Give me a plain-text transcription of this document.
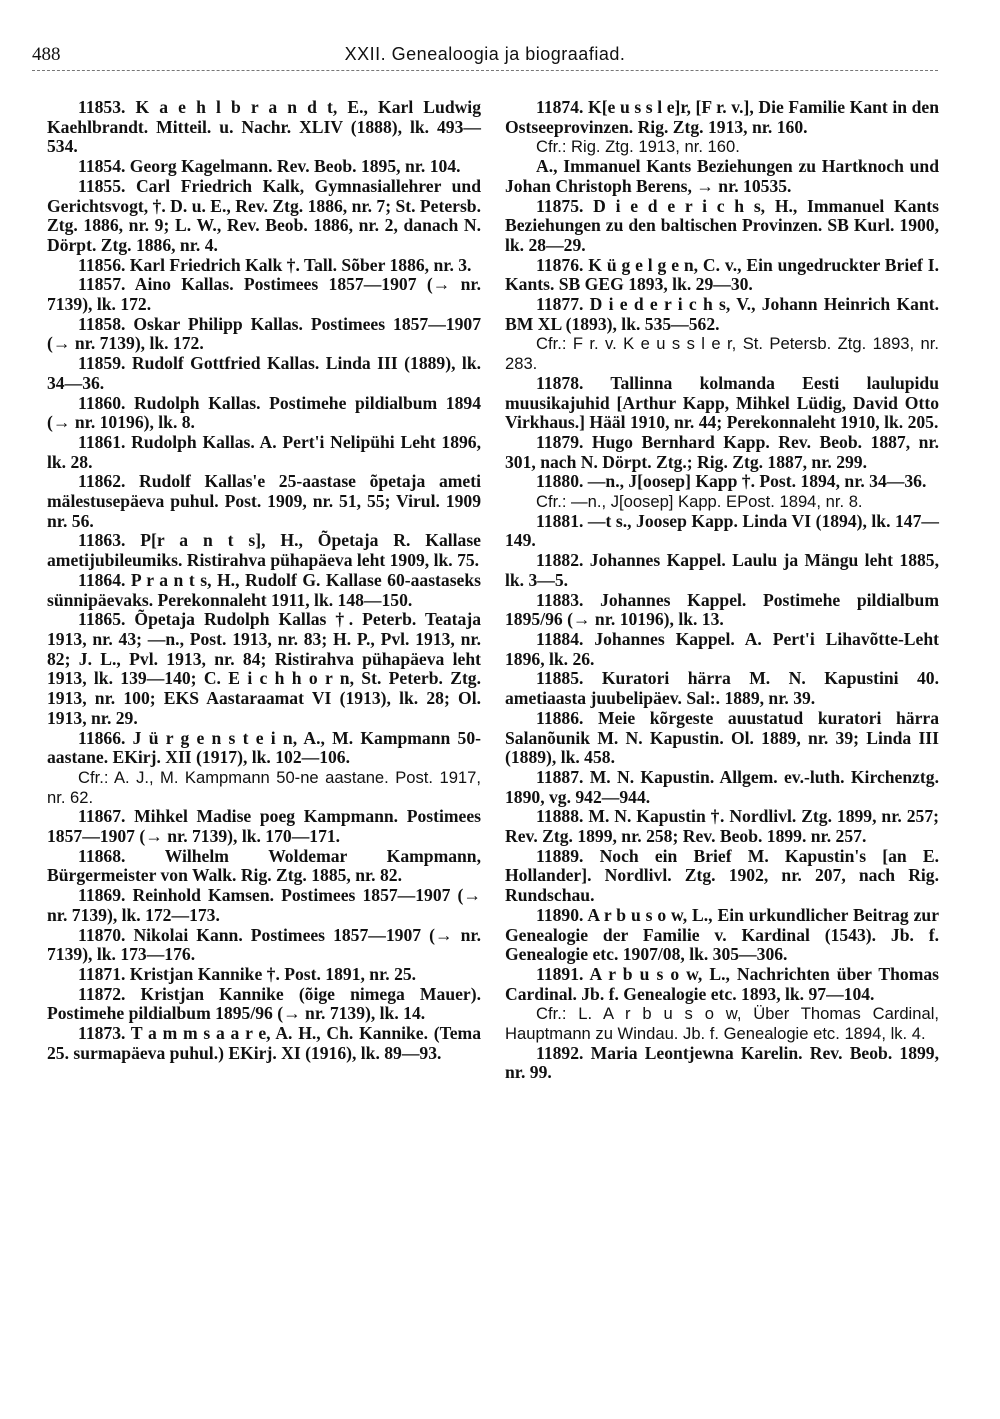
488	XXII. Genealoogia ja biograafiad.

11853. K a e h l b r a n d t, E., Karl Ludwig Kaehlbrandt. Mitteil. u. Nachr. XLIV (1888), lk. 493—534.

11854. Georg Kagelmann. Rev. Beob. 1895, nr. 104.

11855. Carl Friedrich Kalk, Gymnasiallehrer und Gerichtsvogt, †. D. u. E., Rev. Ztg. 1886, nr. 7; St. Petersb. Ztg. 1886, nr. 9; L. W., Rev. Beob. 1886, nr. 2, danach N. Dörpt. Ztg. 1886, nr. 4.

11856. Karl Friedrich Kalk †. Tall. Sõber 1886, nr. 3.

11857. Aino Kallas. Postimees 1857—1907 (→ nr. 7139), lk. 172.

11858. Oskar Philipp Kallas. Postimees 1857—1907 (→ nr. 7139), lk. 172.

11859. Rudolf Gottfried Kallas. Linda III (1889), lk. 34—36.

11860. Rudolph Kallas. Postimehe pildialbum 1894 (→ nr. 10196), lk. 8.

11861. Rudolph Kallas. A. Pert'i Nelipühi Leht 1896, lk. 28.

11862. Rudolf Kallas'e 25-aastase õpetaja ameti mälestusepäeva puhul. Post. 1909, nr. 51, 55; Virul. 1909 nr. 56.

11863. P[r a n t s], H., Õpetaja R. Kallase ametijubileumiks. Ristirahva pühapäeva leht 1909, lk. 75.

11864. P r a n t s, H., Rudolf G. Kallase 60-aastaseks sünnipäevaks. Perekonnaleht 1911, lk. 148—150.

11865. Õpetaja Rudolph Kallas †. Peterb. Teataja 1913, nr. 43; —n., Post. 1913, nr. 83; H. P., Pvl. 1913, nr. 82; J. L., Pvl. 1913, nr. 84; Ristirahva pühapäeva leht 1913, lk. 139—140; C. E i c h h o r n, St. Peterb. Ztg. 1913, nr. 100; EKS Aastaraamat VI (1913), lk. 28; Ol. 1913, nr. 29.

11866. J ü r g e n s t e i n, A., M. Kampmann 50-aastane. EKirj. XII (1917), lk. 102—106.

Cfr.: A. J., M. Kampmann 50-ne aastane. Post. 1917, nr. 62.

11867. Mihkel Madise poeg Kampmann. Postimees 1857—1907 (→ nr. 7139), lk. 170—171.

11868. Wilhelm Woldemar Kampmann, Bürgermeister von Walk. Rig. Ztg. 1885, nr. 82.

11869. Reinhold Kamsen. Postimees 1857—1907 (→ nr. 7139), lk. 172—173.

11870. Nikolai Kann. Postimees 1857—1907 (→ nr. 7139), lk. 173—176.

11871. Kristjan Kannike †. Post. 1891, nr. 25.

11872. Kristjan Kannike (õige nimega Mauer). Postimehe pildialbum 1895/96 (→ nr. 7139), lk. 14.

11873. T a m m s a a r e, A. H., Ch. Kannike. (Tema 25. surmapäeva puhul.) EKirj. XI (1916), lk. 89—93.

11874. K[e u s s l e]r, [F r. v.], Die Familie Kant in den Ostseeprovinzen. Rig. Ztg. 1913, nr. 160.

Cfr.: Rig. Ztg. 1913, nr. 160.

A., Immanuel Kants Beziehungen zu Hartknoch und Johan Christoph Berens, → nr. 10535.

11875. D i e d e r i c h s, H., Immanuel Kants Beziehungen zu den baltischen Provinzen. SB Kurl. 1900, lk. 28—29.

11876. K ü g e l g e n, C. v., Ein ungedruckter Brief I. Kants. SB GEG 1893, lk. 29—30.

11877. D i e d e r i c h s, V., Johann Heinrich Kant. BM XL (1893), lk. 535—562.

Cfr.: F r. v. K e u s s l e r, St. Petersb. Ztg. 1893, nr. 283.

11878. Tallinna kolmanda Eesti laulupidu muusikajuhid [Arthur Kapp, Mihkel Lüdig, David Otto Virkhaus.] Hääl 1910, nr. 44; Perekonnaleht 1910, lk. 205.

11879. Hugo Bernhard Kapp. Rev. Beob. 1887, nr. 301, nach N. Dörpt. Ztg.; Rig. Ztg. 1887, nr. 299.

11880. —n., J[oosep] Kapp †. Post. 1894, nr. 34—36.

Cfr.: —n., J[oosep] Kapp. EPost. 1894, nr. 8.

11881. —t s., Joosep Kapp. Linda VI (1894), lk. 147—149.

11882. Johannes Kappel. Laulu ja Mängu leht 1885, lk. 3—5.

11883. Johannes Kappel. Postimehe pildialbum 1895/96 (→ nr. 10196), lk. 13.

11884. Johannes Kappel. A. Pert'i Lihavõtte-Leht 1896, lk. 26.

11885. Kuratori härra M. N. Kapustini 40. ametiaasta juubelipäev. Sal:. 1889, nr. 39.

11886. Meie kõrgeste auustatud kuratori härra Salanõunik M. N. Kapustin. Ol. 1889, nr. 39; Linda III (1889), lk. 458.

11887. M. N. Kapustin. Allgem. ev.-luth. Kirchenztg. 1890, vg. 942—944.

11888. M. N. Kapustin †. Nordlivl. Ztg. 1899, nr. 257; Rev. Ztg. 1899, nr. 258; Rev. Beob. 1899. nr. 257.

11889. Noch ein Brief M. Kapustin's [an E. Hollander]. Nordlivl. Ztg. 1902, nr. 207, nach Rig. Rundschau.

11890. A r b u s o w, L., Ein urkundlicher Beitrag zur Genealogie der Familie v. Kardinal (1543). Jb. f. Genealogie etc. 1907/08, lk. 305—306.

11891. A r b u s o w, L., Nachrichten über Thomas Cardinal. Jb. f. Genealogie etc. 1893, lk. 97—104.

Cfr.: L. A r b u s o w, Über Thomas Cardinal, Hauptmann zu Windau. Jb. f. Genealogie etc. 1894, lk. 4.

11892. Maria Leontjewna Karelin. Rev. Beob. 1899, nr. 99.
